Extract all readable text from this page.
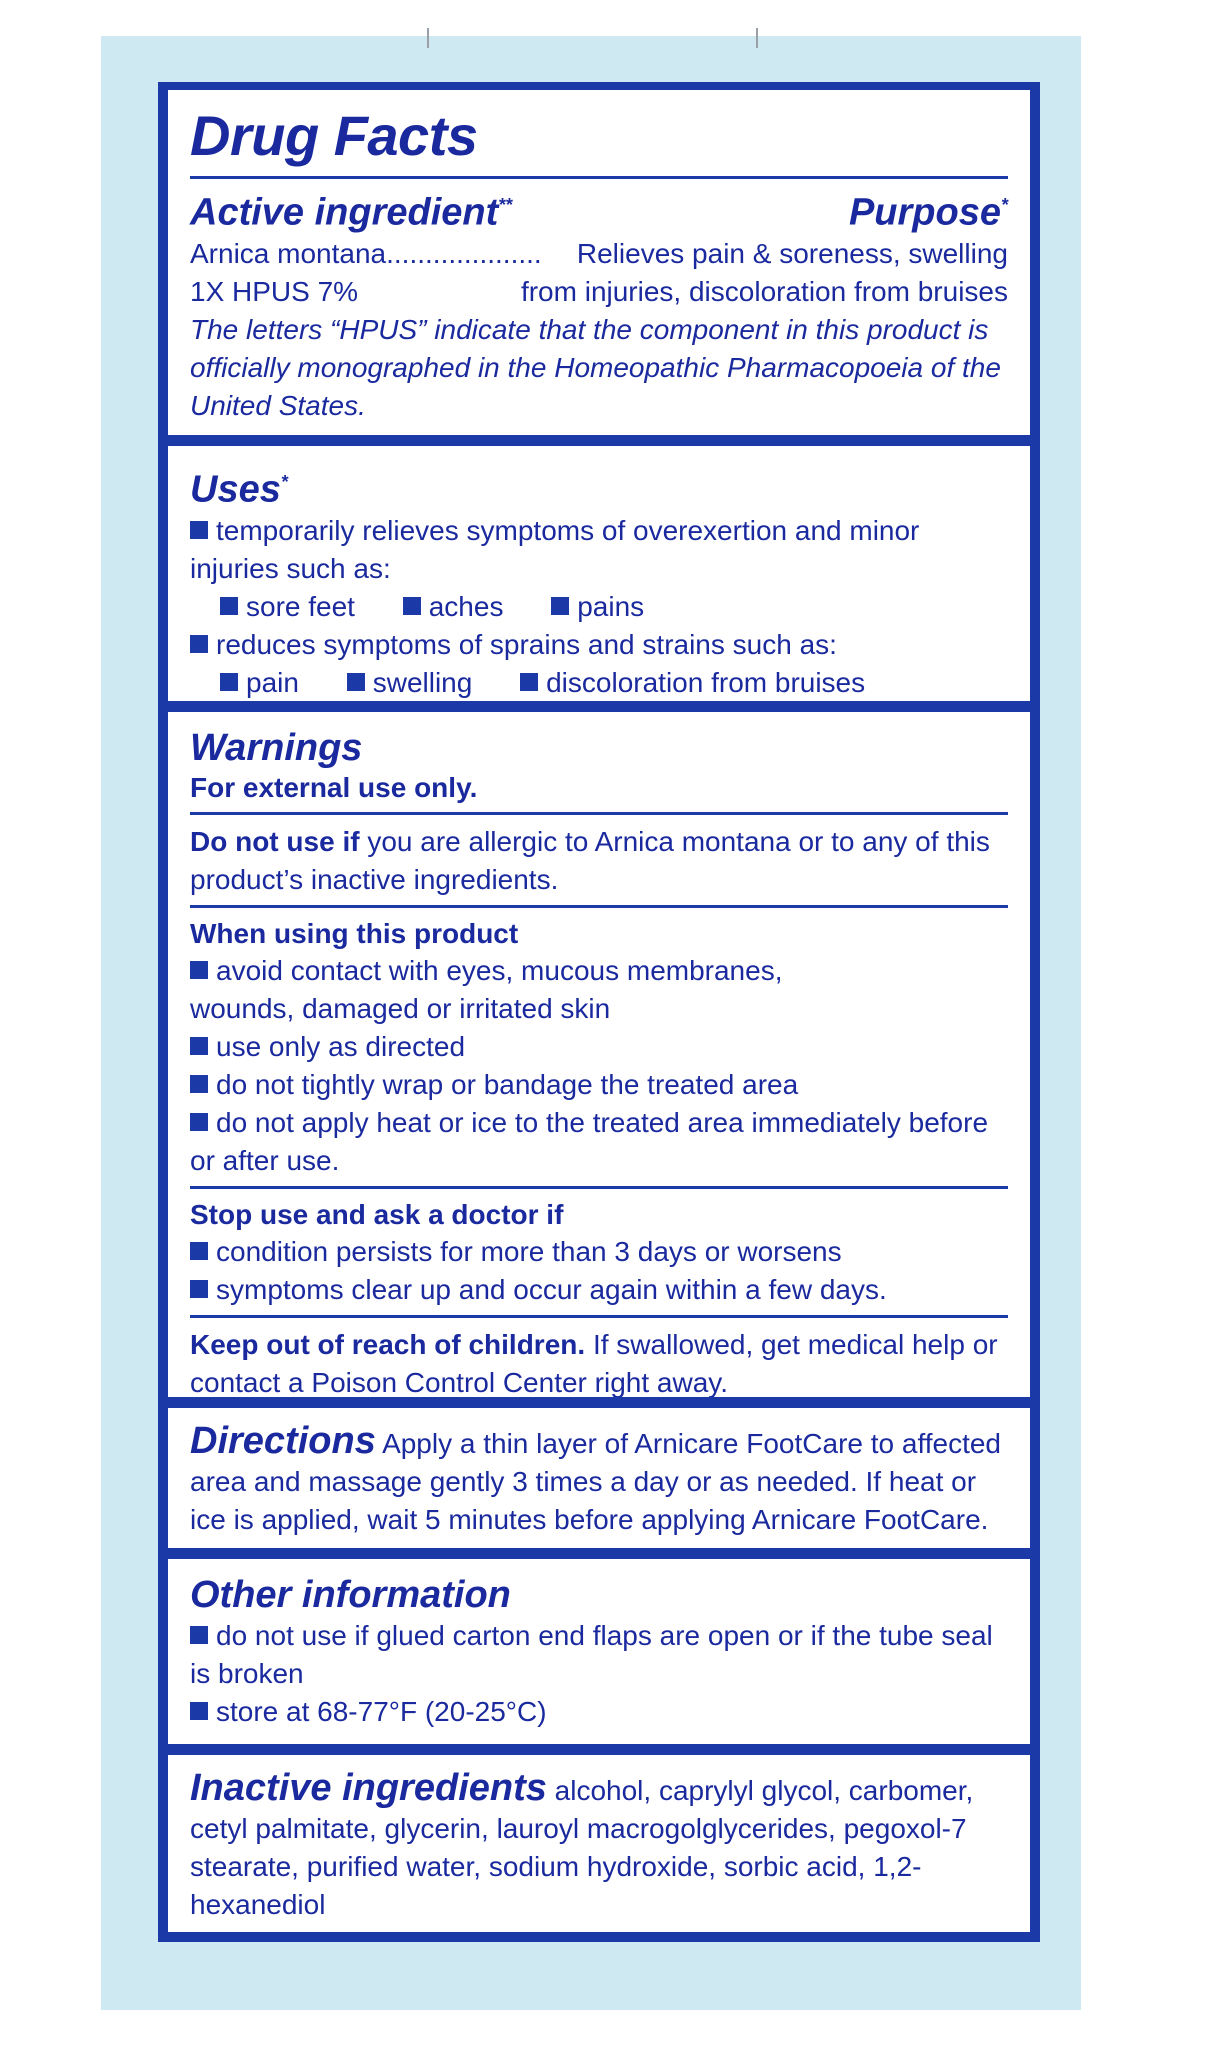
Drug Facts
Active ingredient**	Purpose*
Arnica montana....................	Relieves pain & soreness, swelling
1X HPUS 7%	from injuries, discoloration from bruises
The letters “HPUS” indicate that the component in this product is officially monographed in the Homeopathic Pharmacopoeia of the United States.
Uses*
temporarily relieves symptoms of overexertion and minor injuries such as:
sore feet	aches	pains
reduces symptoms of sprains and strains such as:
pain	swelling	discoloration from bruises
Warnings
For external use only.
Do not use if you are allergic to Arnica montana or to any of this product’s inactive ingredients.
When using this product
avoid contact with eyes, mucous membranes,
wounds, damaged or irritated skin
use only as directed
do not tightly wrap or bandage the treated area
do not apply heat or ice to the treated area immediately before or after use.
Stop use and ask a doctor if
condition persists for more than 3 days or worsens
symptoms clear up and occur again within a few days.
Keep out of reach of children. If swallowed, get medical help or contact a Poison Control Center right away.
Directions Apply a thin layer of Arnicare FootCare to affected area and massage gently 3 times a day or as needed. If heat or ice is applied, wait 5 minutes before applying Arnicare FootCare.
Other information
do not use if glued carton end flaps are open or if the tube seal is broken
store at 68-77°F (20-25°C)
Inactive ingredients alcohol, caprylyl glycol, carbomer, cetyl palmitate, glycerin, lauroyl macrogolglycerides, pegoxol-7 stearate, purified water, sodium hydroxide, sorbic acid, 1,2-hexanediol
